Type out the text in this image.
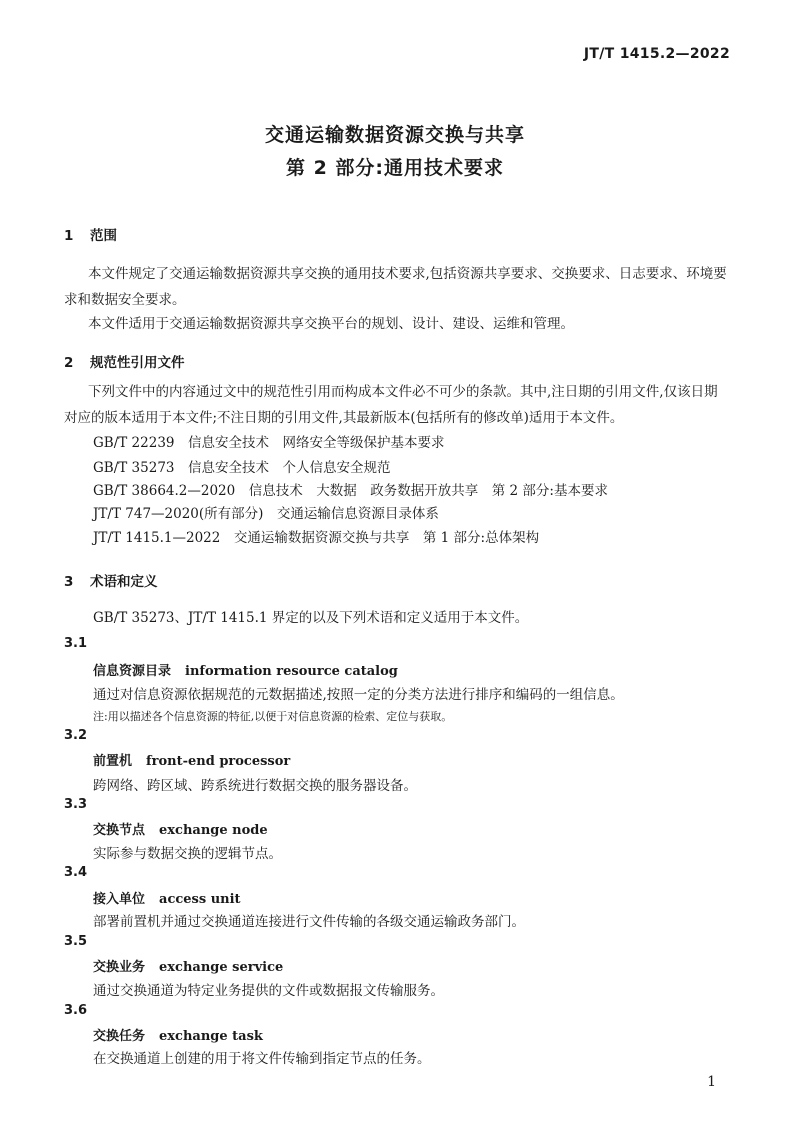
JT/T 1415.2—2022
交通运输数据资源交换与共享
第 2 部分:通用技术要求
1 范围
本文件规定了交通运输数据资源共享交换的通用技术要求,包括资源共享要求、交换要求、日志要求、环境要求和数据安全要求。
本文件适用于交通运输数据资源共享交换平台的规划、设计、建设、运维和管理。
2 规范性引用文件
下列文件中的内容通过文中的规范性引用而构成本文件必不可少的条款。其中,注日期的引用文件,仅该日期对应的版本适用于本文件;不注日期的引用文件,其最新版本(包括所有的修改单)适用于本文件。
GB/T 22239　信息安全技术　网络安全等级保护基本要求
GB/T 35273　信息安全技术　个人信息安全规范
GB/T 38664.2—2020　信息技术　大数据　政务数据开放共享　第 2 部分:基本要求
JT/T 747—2020(所有部分)　交通运输信息资源目录体系
JT/T 1415.1—2022　交通运输数据资源交换与共享　第 1 部分:总体架构
3 术语和定义
GB/T 35273、JT/T 1415.1 界定的以及下列术语和定义适用于本文件。
3.1
信息资源目录 information resource catalog
通过对信息资源依据规范的元数据描述,按照一定的分类方法进行排序和编码的一组信息。
注:用以描述各个信息资源的特征,以便于对信息资源的检索、定位与获取。
3.2
前置机 front-end processor
跨网络、跨区域、跨系统进行数据交换的服务器设备。
3.3
交换节点 exchange node
实际参与数据交换的逻辑节点。
3.4
接入单位 access unit
部署前置机并通过交换通道连接进行文件传输的各级交通运输政务部门。
3.5
交换业务 exchange service
通过交换通道为特定业务提供的文件或数据报文传输服务。
3.6
交换任务 exchange task
在交换通道上创建的用于将文件传输到指定节点的任务。
1
